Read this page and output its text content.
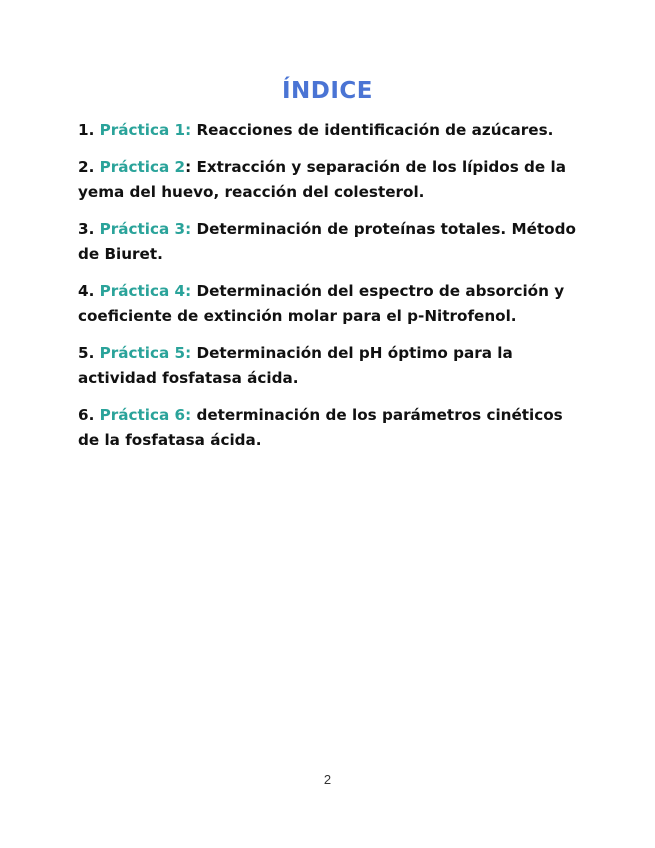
ÍNDICE
1. Práctica 1: Reacciones de identificación de azúcares.
2. Práctica 2: Extracción y separación de los lípidos de la yema del huevo, reacción del colesterol.
3. Práctica 3: Determinación de proteínas totales. Método de Biuret.
4. Práctica 4: Determinación del espectro de absorción y coeficiente de extinción molar para el p-Nitrofenol.
5. Práctica 5: Determinación del pH óptimo para la actividad fosfatasa ácida.
6. Práctica 6: determinación de los parámetros cinéticos de la fosfatasa ácida.
2
